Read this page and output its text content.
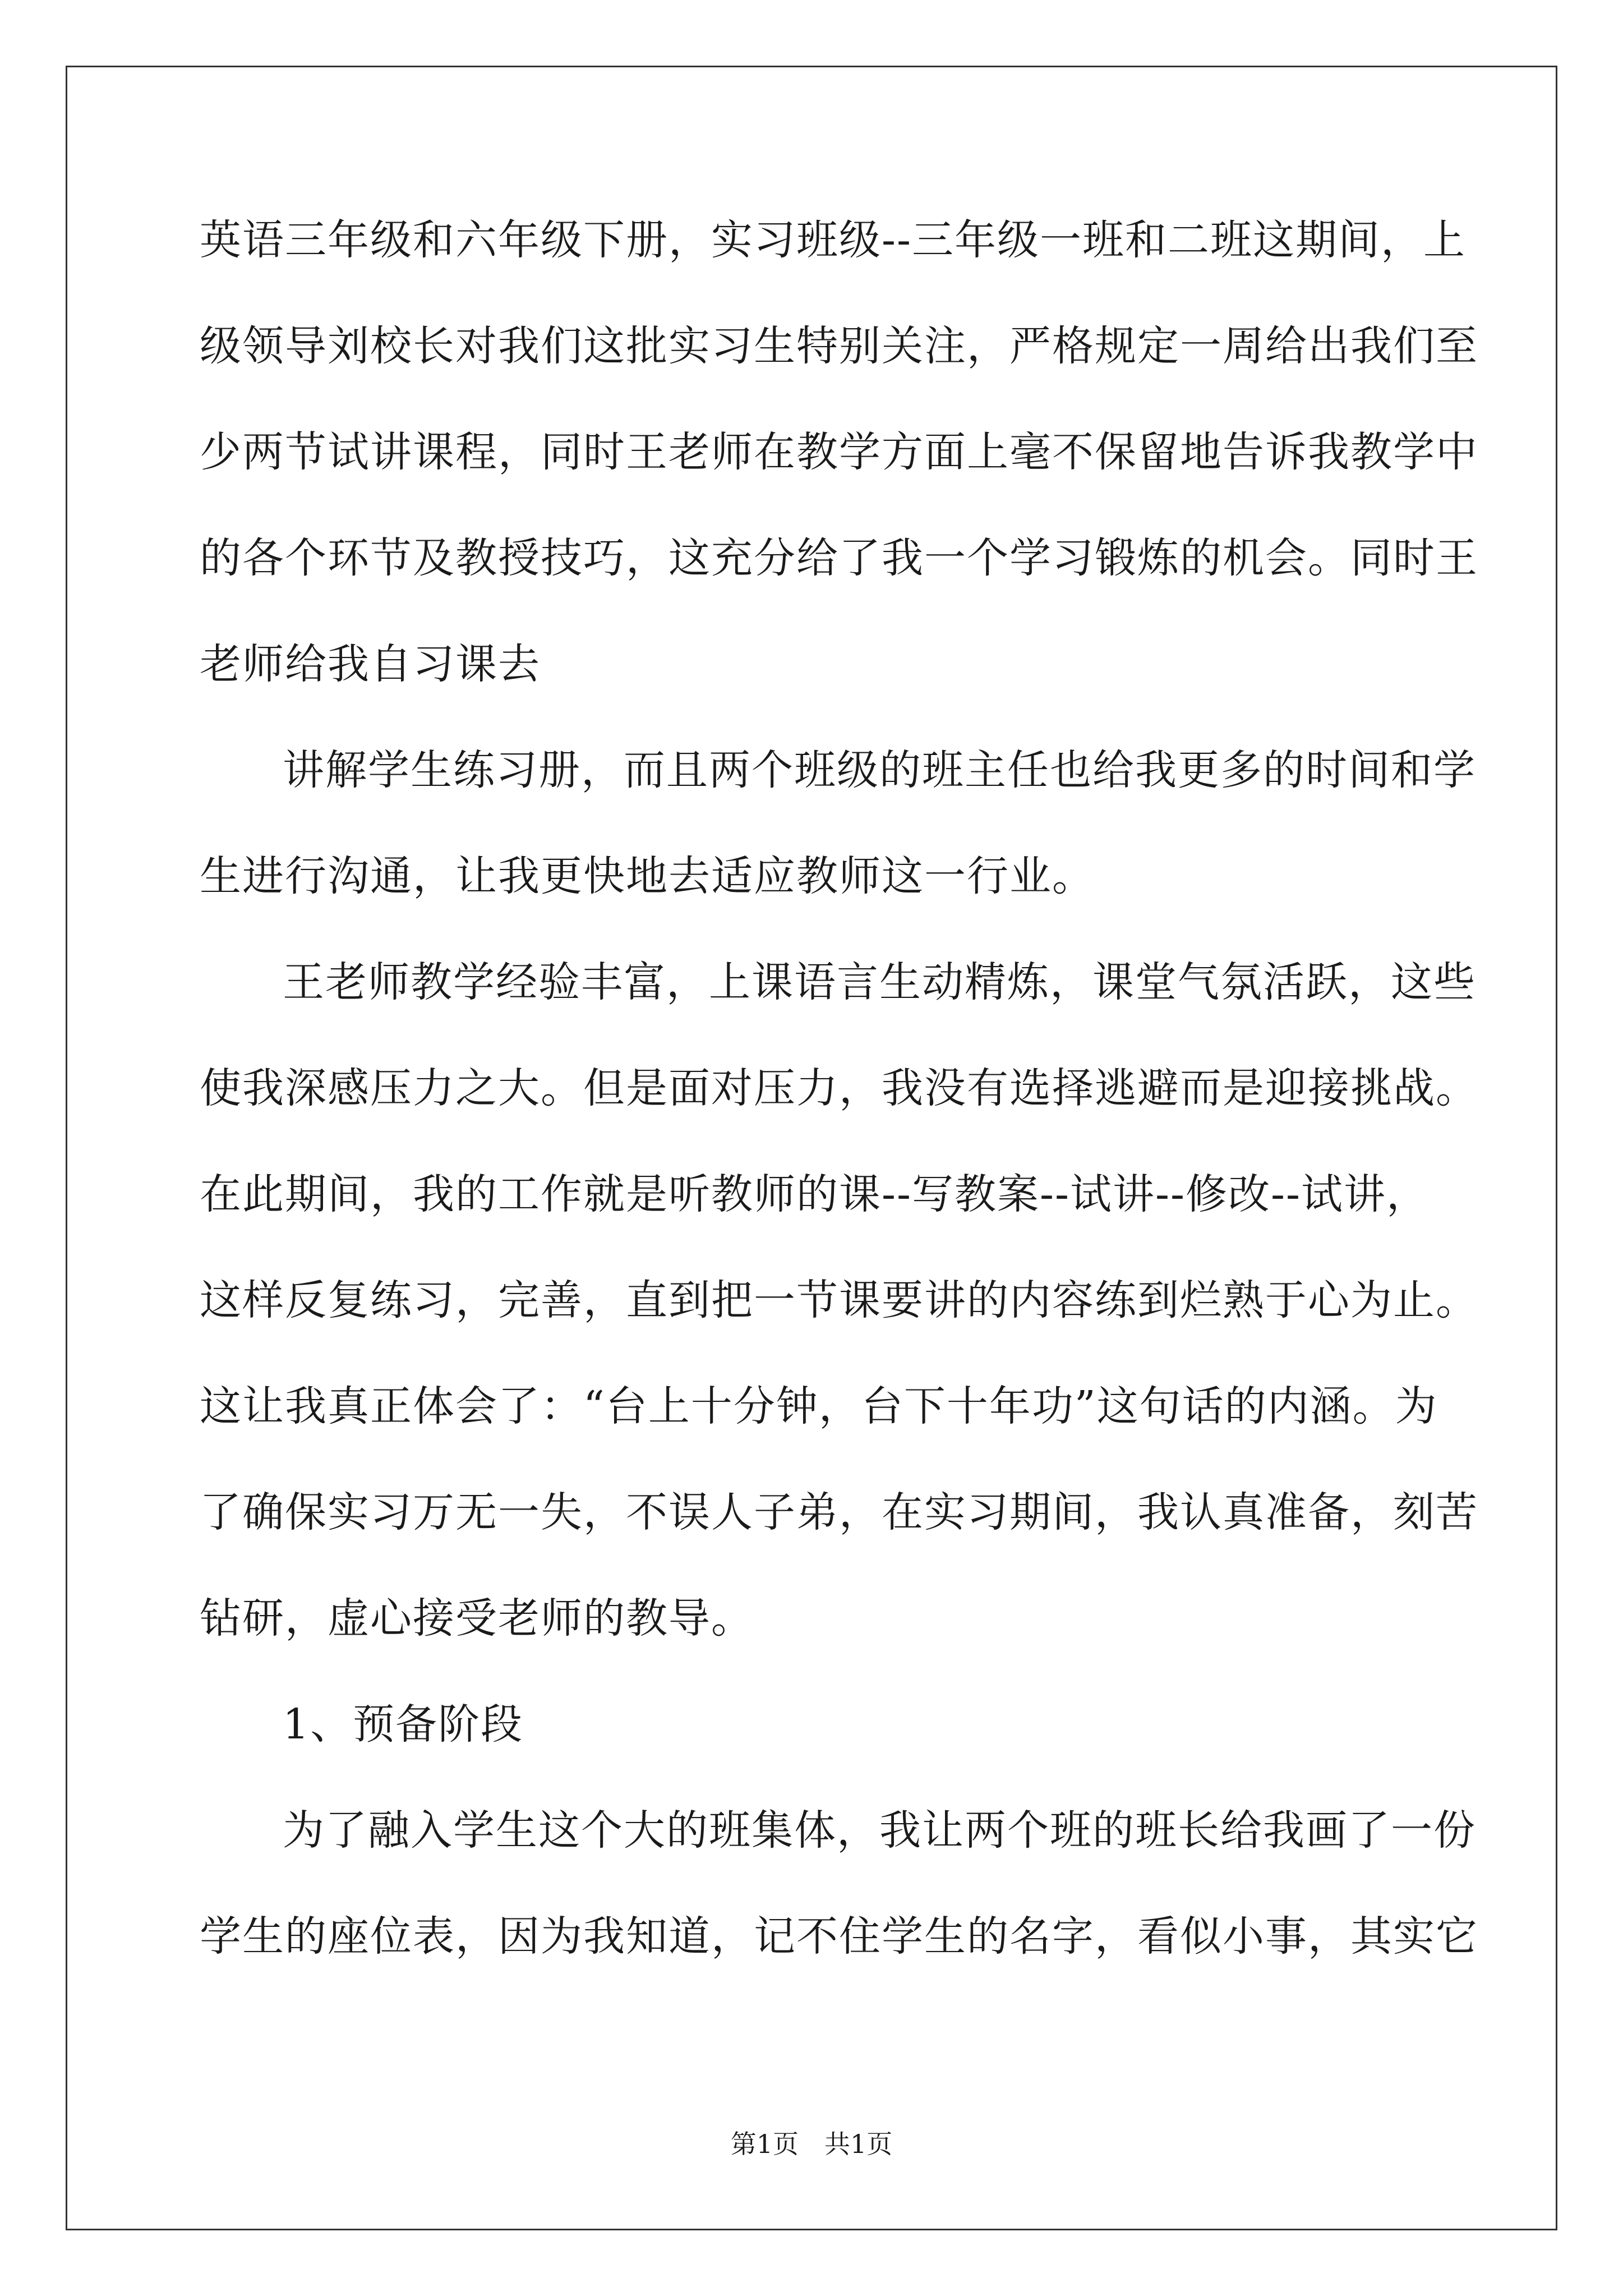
英语三年级和六年级下册，实习班级--三年级一班和二班这期间，上
级领导刘校长对我们这批实习生特别关注，严格规定一周给出我们至
少两节试讲课程，同时王老师在教学方面上毫不保留地告诉我教学中
的各个环节及教授技巧，这充分给了我一个学习锻炼的机会。同时王
老师给我自习课去
讲解学生练习册，而且两个班级的班主任也给我更多的时间和学
生进行沟通，让我更快地去适应教师这一行业。
王老师教学经验丰富，上课语言生动精炼，课堂气氛活跃，这些
使我深感压力之大。但是面对压力，我没有选择逃避而是迎接挑战。
在此期间，我的工作就是听教师的课--写教案--试讲--修改--试讲，
这样反复练习，完善，直到把一节课要讲的内容练到烂熟于心为止。
这让我真正体会了：“台上十分钟，台下十年功”这句话的内涵。为
了确保实习万无一失，不误人子弟，在实习期间，我认真准备，刻苦
钻研，虚心接受老师的教导。
1、预备阶段
为了融入学生这个大的班集体，我让两个班的班长给我画了一份
学生的座位表，因为我知道，记不住学生的名字，看似小事，其实它
第1页 共1页
